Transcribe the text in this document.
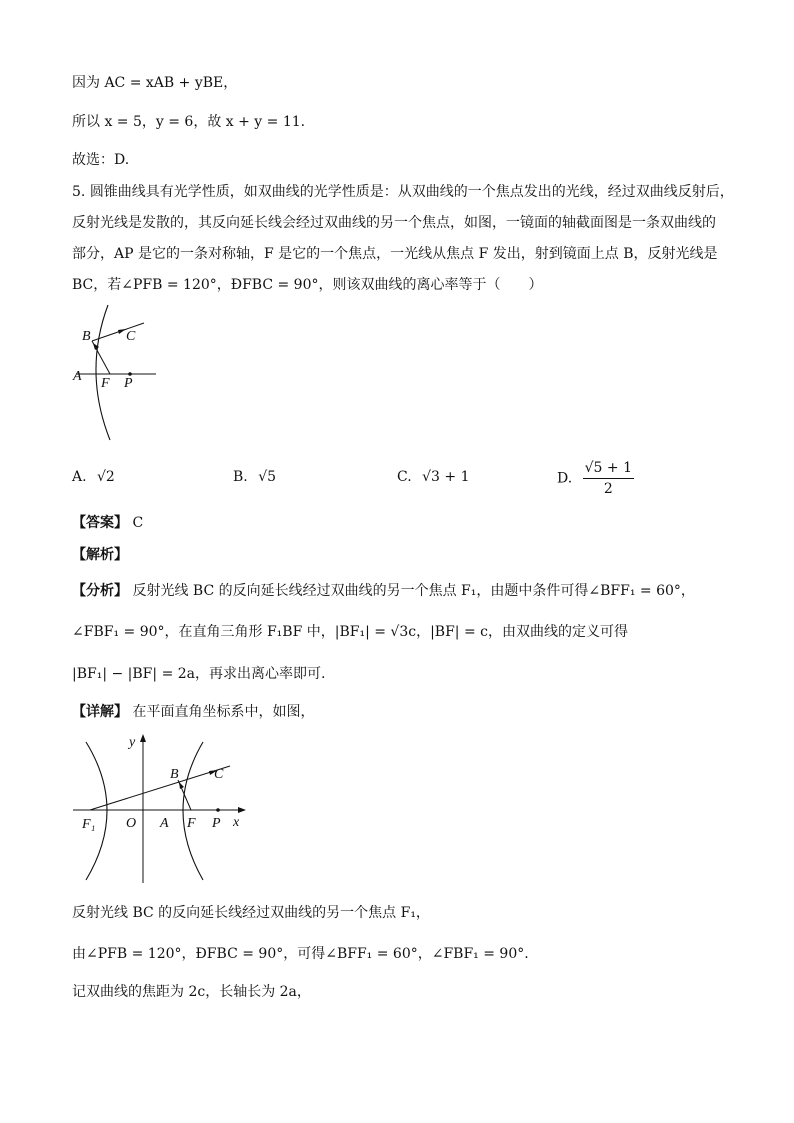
因为 AC = xAB + yBE，
所以 x = 5，y = 6，故 x + y = 11.
故选：D.
5. 圆锥曲线具有光学性质，如双曲线的光学性质是：从双曲线的一个焦点发出的光线，经过双曲线反射后，
反射光线是发散的，其反向延长线会经过双曲线的另一个焦点，如图，一镜面的轴截面图是一条双曲线的
部分，AP 是它的一条对称轴，F 是它的一个焦点，一光线从焦点 F 发出，射到镜面上点 B，反射光线是
BC，若∠PFB = 120°，ÐFBC = 90°，则该双曲线的离心率等于（　　）
B	C
A F P
A. √2	B. √5	C. √3 + 1	D. $\frac{√5 + 1}{2}$
【答案】 C
【解析】
【分析】 反射光线 BC 的反向延长线经过双曲线的另一个焦点 F₁，由题中条件可得∠BFF₁ = 60°，
∠FBF₁ = 90°，在直角三角形 F₁BF 中，|BF₁| = √3c，|BF| = c，由双曲线的定义可得
|BF₁| − |BF| = 2a，再求出离心率即可.
【详解】 在平面直角坐标系中，如图，
y
x
B	C
F₁ O A F P
反射光线 BC 的反向延长线经过双曲线的另一个焦点 F₁，
由∠PFB = 120°，ÐFBC = 90°，可得∠BFF₁ = 60°，∠FBF₁ = 90°.
记双曲线的焦距为 2c，长轴长为 2a，
